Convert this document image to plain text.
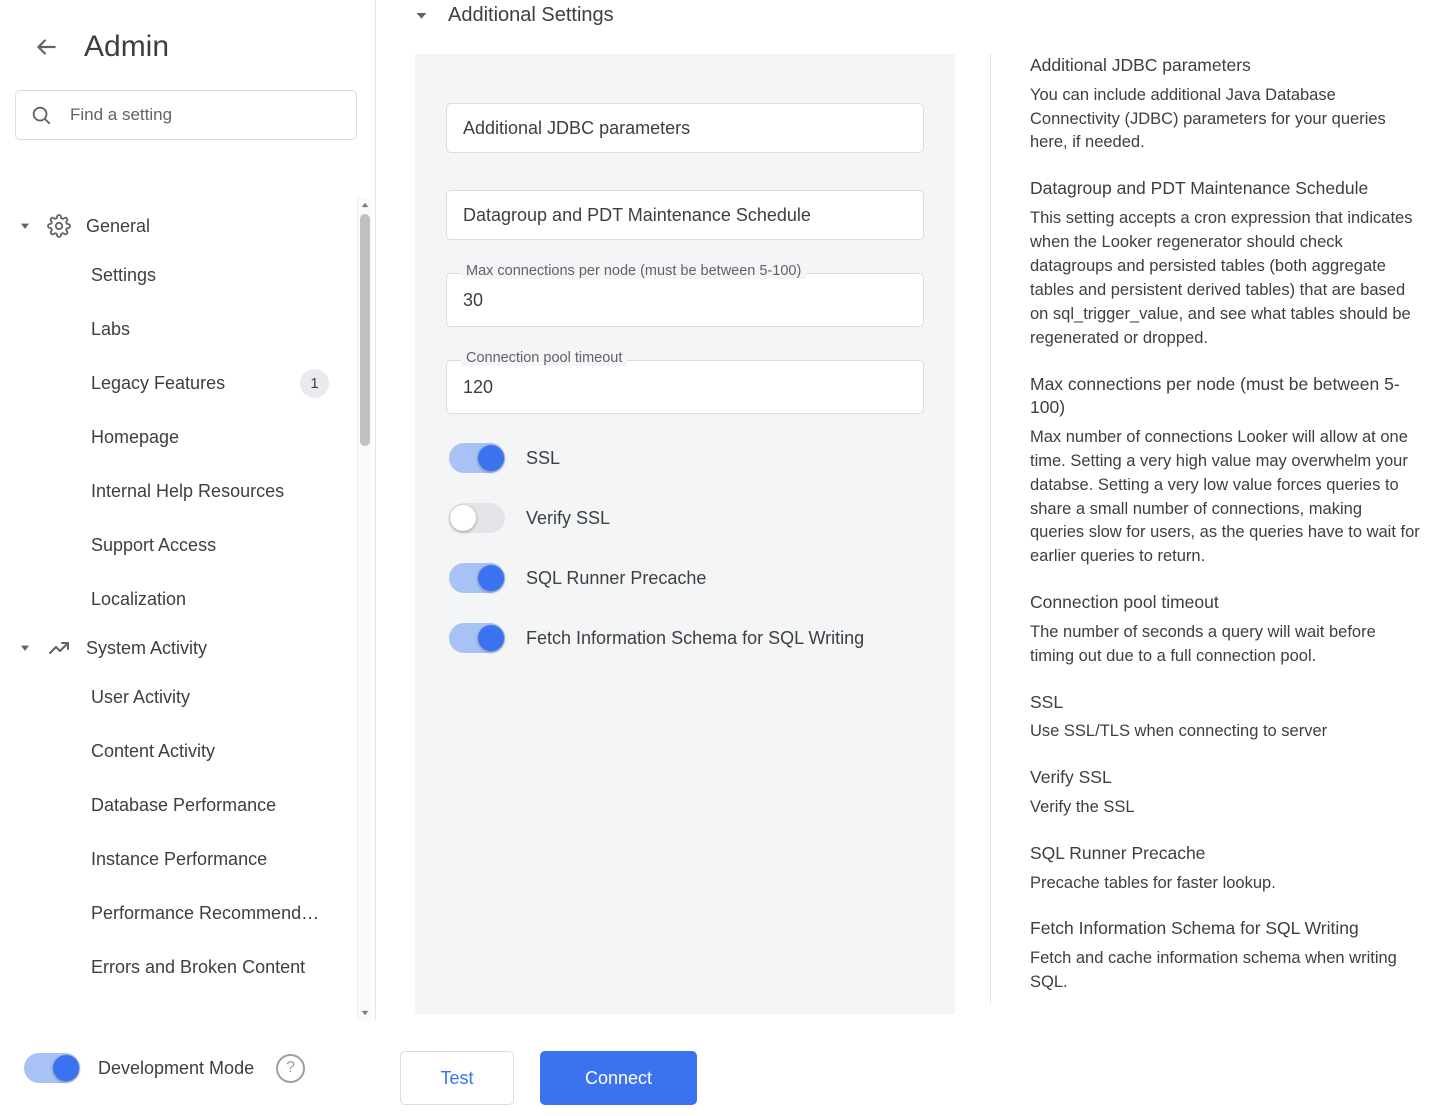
Admin
Find a setting
General
Settings
Labs
Legacy Features	1
Homepage
Internal Help Resources
Support Access
Localization
System Activity
User Activity
Content Activity
Database Performance
Instance Performance
Performance Recommend…
Errors and Broken Content
Development Mode	?
Additional Settings
Additional JDBC parameters
Datagroup and PDT Maintenance Schedule
Max connections per node (must be between 5-100)
30
Connection pool timeout
120
SSL
Verify SSL
SQL Runner Precache
Fetch Information Schema for SQL Writing
Test	Connect
Additional JDBC parameters

You can include additional Java Database Connectivity (JDBC) parameters for your queries here, if needed.

Datagroup and PDT Maintenance Schedule

This setting accepts a cron expression that indicates when the Looker regenerator should check datagroups and persisted tables (both aggregate tables and persistent derived tables) that are based on sql_trigger_value, and see what tables should be regenerated or dropped.

Max connections per node (must be between 5-100)

Max number of connections Looker will allow at one time. Setting a very high value may overwhelm your databse. Setting a very low value forces queries to share a small number of connections, making queries slow for users, as the queries have to wait for earlier queries to return.

Connection pool timeout

The number of seconds a query will wait before timing out due to a full connection pool.

SSL

Use SSL/TLS when connecting to server

Verify SSL

Verify the SSL

SQL Runner Precache

Precache tables for faster lookup.

Fetch Information Schema for SQL Writing

Fetch and cache information schema when writing SQL.
